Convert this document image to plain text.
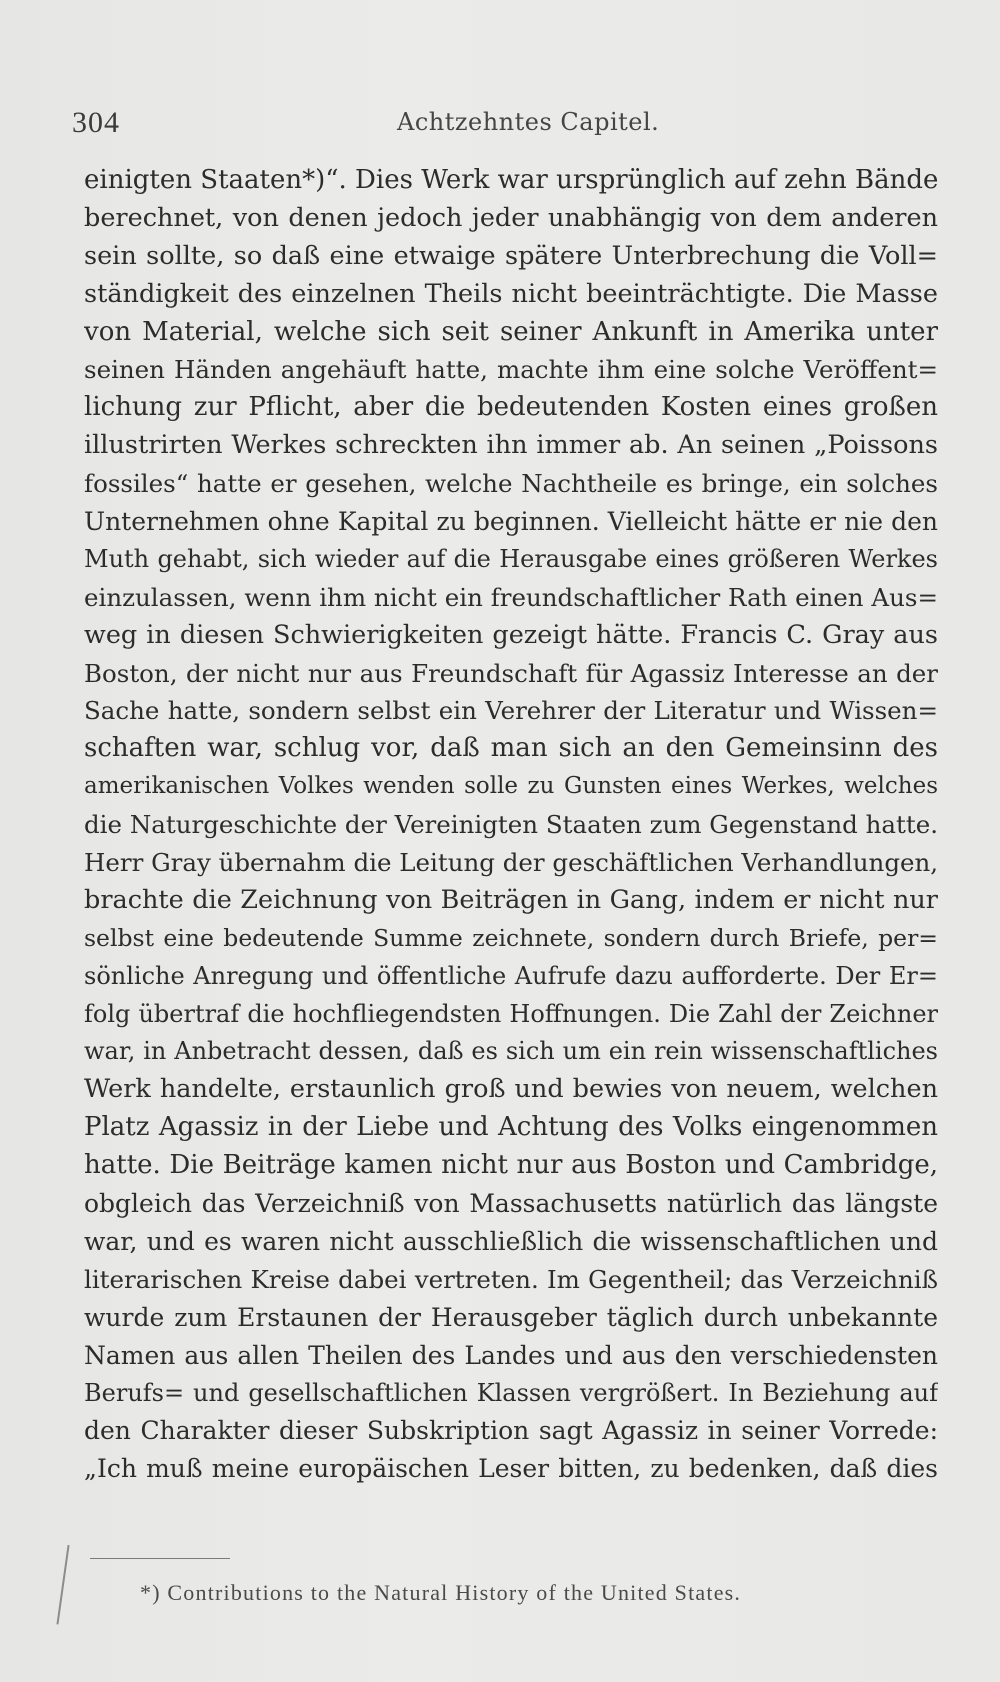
304	Achtzehntes Capitel.
einigten Staaten*)“. Dies Werk war ursprünglich auf zehn Bände
berechnet, von denen jedoch jeder unabhängig von dem anderen
sein sollte, so daß eine etwaige spätere Unterbrechung die Voll=
ständigkeit des einzelnen Theils nicht beeinträchtigte. Die Masse
von Material, welche sich seit seiner Ankunft in Amerika unter
seinen Händen angehäuft hatte, machte ihm eine solche Veröffent=
lichung zur Pflicht, aber die bedeutenden Kosten eines großen
illustrirten Werkes schreckten ihn immer ab. An seinen „Poissons
fossiles“ hatte er gesehen, welche Nachtheile es bringe, ein solches
Unternehmen ohne Kapital zu beginnen. Vielleicht hätte er nie den
Muth gehabt, sich wieder auf die Herausgabe eines größeren Werkes
einzulassen, wenn ihm nicht ein freundschaftlicher Rath einen Aus=
weg in diesen Schwierigkeiten gezeigt hätte. Francis C. Gray aus
Boston, der nicht nur aus Freundschaft für Agassiz Interesse an der
Sache hatte, sondern selbst ein Verehrer der Literatur und Wissen=
schaften war, schlug vor, daß man sich an den Gemeinsinn des
amerikanischen Volkes wenden solle zu Gunsten eines Werkes, welches
die Naturgeschichte der Vereinigten Staaten zum Gegenstand hatte.
Herr Gray übernahm die Leitung der geschäftlichen Verhandlungen,
brachte die Zeichnung von Beiträgen in Gang, indem er nicht nur
selbst eine bedeutende Summe zeichnete, sondern durch Briefe, per=
sönliche Anregung und öffentliche Aufrufe dazu aufforderte. Der Er=
folg übertraf die hochfliegendsten Hoffnungen. Die Zahl der Zeichner
war, in Anbetracht dessen, daß es sich um ein rein wissenschaftliches
Werk handelte, erstaunlich groß und bewies von neuem, welchen
Platz Agassiz in der Liebe und Achtung des Volks eingenommen
hatte. Die Beiträge kamen nicht nur aus Boston und Cambridge,
obgleich das Verzeichniß von Massachusetts natürlich das längste
war, und es waren nicht ausschließlich die wissenschaftlichen und
literarischen Kreise dabei vertreten. Im Gegentheil; das Verzeichniß
wurde zum Erstaunen der Herausgeber täglich durch unbekannte
Namen aus allen Theilen des Landes und aus den verschiedensten
Berufs= und gesellschaftlichen Klassen vergrößert. In Beziehung auf
den Charakter dieser Subskription sagt Agassiz in seiner Vorrede:
„Ich muß meine europäischen Leser bitten, zu bedenken, daß dies
*) Contributions to the Natural History of the United States.
